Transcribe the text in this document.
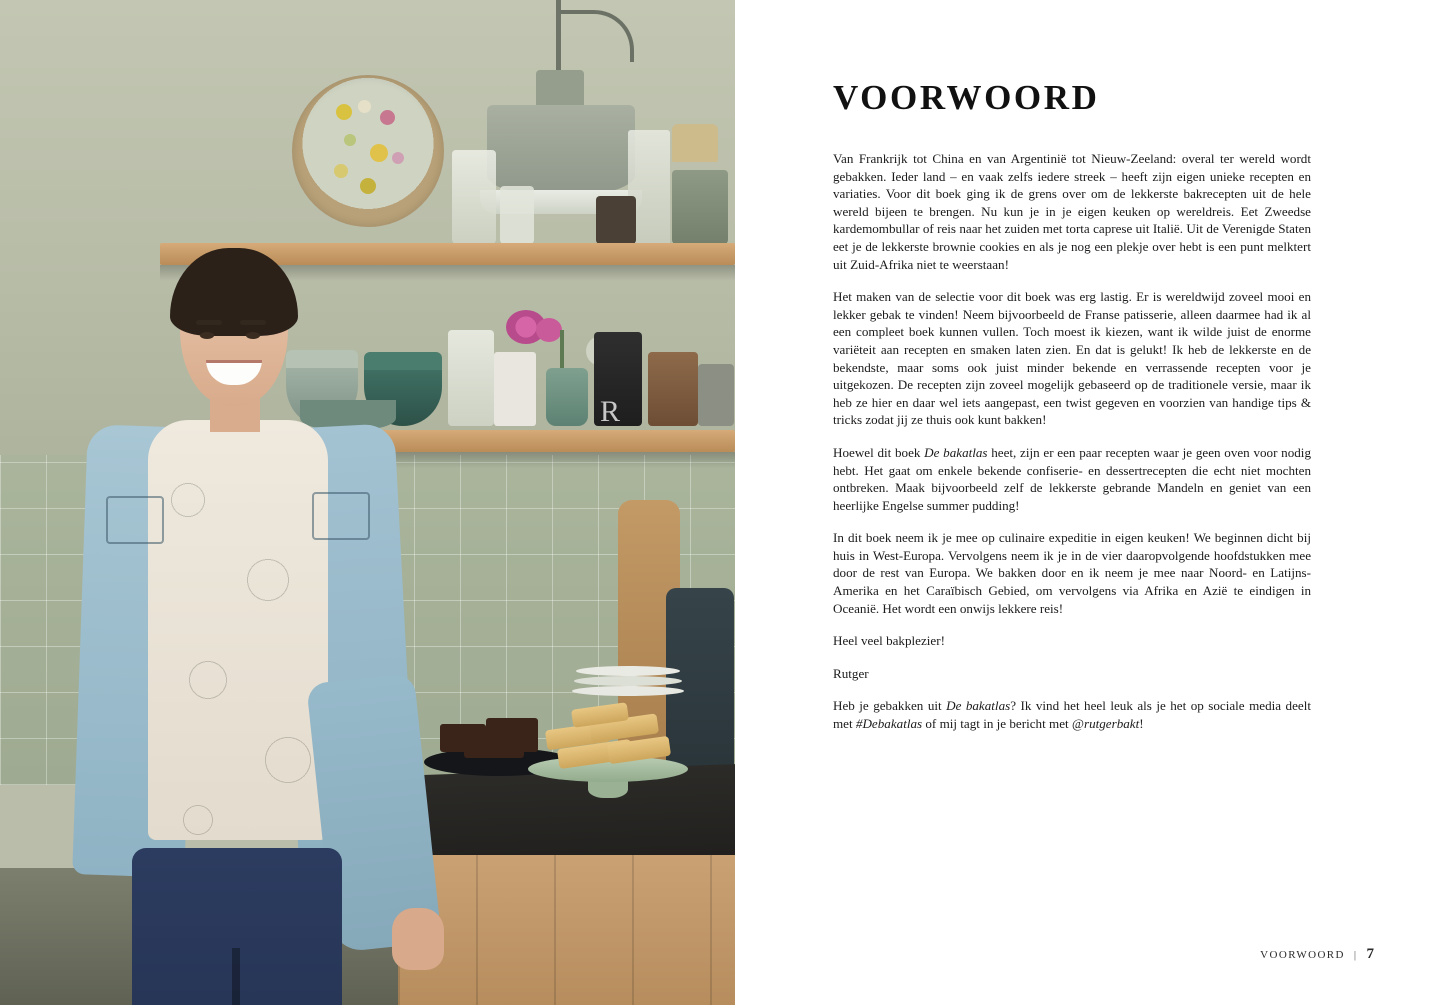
R
VOORWOORD

Van Frankrijk tot China en van Argentinië tot Nieuw-Zeeland: overal ter wereld wordt gebakken. Ieder land – en vaak zelfs iedere streek – heeft zijn eigen unieke recepten en variaties. Voor dit boek ging ik de grens over om de lekkerste bakrecepten uit de hele wereld bijeen te brengen. Nu kun je in je eigen keuken op wereldreis. Eet Zweedse kardemombullar of reis naar het zuiden met torta caprese uit Italië. Uit de Verenigde Staten eet je de lekkerste brownie cookies en als je nog een plekje over hebt is een punt melktert uit Zuid-Afrika niet te weerstaan!

Het maken van de selectie voor dit boek was erg lastig. Er is wereldwijd zoveel mooi en lekker gebak te vinden! Neem bijvoorbeeld de Franse patisserie, alleen daarmee had ik al een compleet boek kunnen vullen. Toch moest ik kiezen, want ik wilde juist de enorme variëteit aan recepten en smaken laten zien. En dat is gelukt! Ik heb de lekkerste en de bekendste, maar soms ook juist minder bekende en verrassende recepten voor je uitgekozen. De recepten zijn zoveel mogelijk gebaseerd op de traditionele versie, maar ik heb ze hier en daar wel iets aangepast, een twist gegeven en voorzien van handige tips & tricks zodat jij ze thuis ook kunt bakken!

Hoewel dit boek De bakatlas heet, zijn er een paar recepten waar je geen oven voor nodig hebt. Het gaat om enkele bekende confiserie- en dessertrecepten die echt niet mochten ontbreken. Maak bijvoorbeeld zelf de lekkerste gebrande Mandeln en geniet van een heerlijke Engelse summer pudding!

In dit boek neem ik je mee op culinaire expeditie in eigen keuken! We beginnen dicht bij huis in West-Europa. Vervolgens neem ik je in de vier daaropvolgende hoofdstukken mee door de rest van Europa. We bakken door en ik neem je mee naar Noord- en Latijns-Amerika en het Caraïbisch Gebied, om vervolgens via Afrika en Azië te eindigen in Oceanië. Het wordt een onwijs lekkere reis!

Heel veel bakplezier!

Rutger

Heb je gebakken uit De bakatlas? Ik vind het heel leuk als je het op sociale media deelt met #Debakatlas of mij tagt in je bericht met @rutgerbakt!

VOORWOORD | 7
